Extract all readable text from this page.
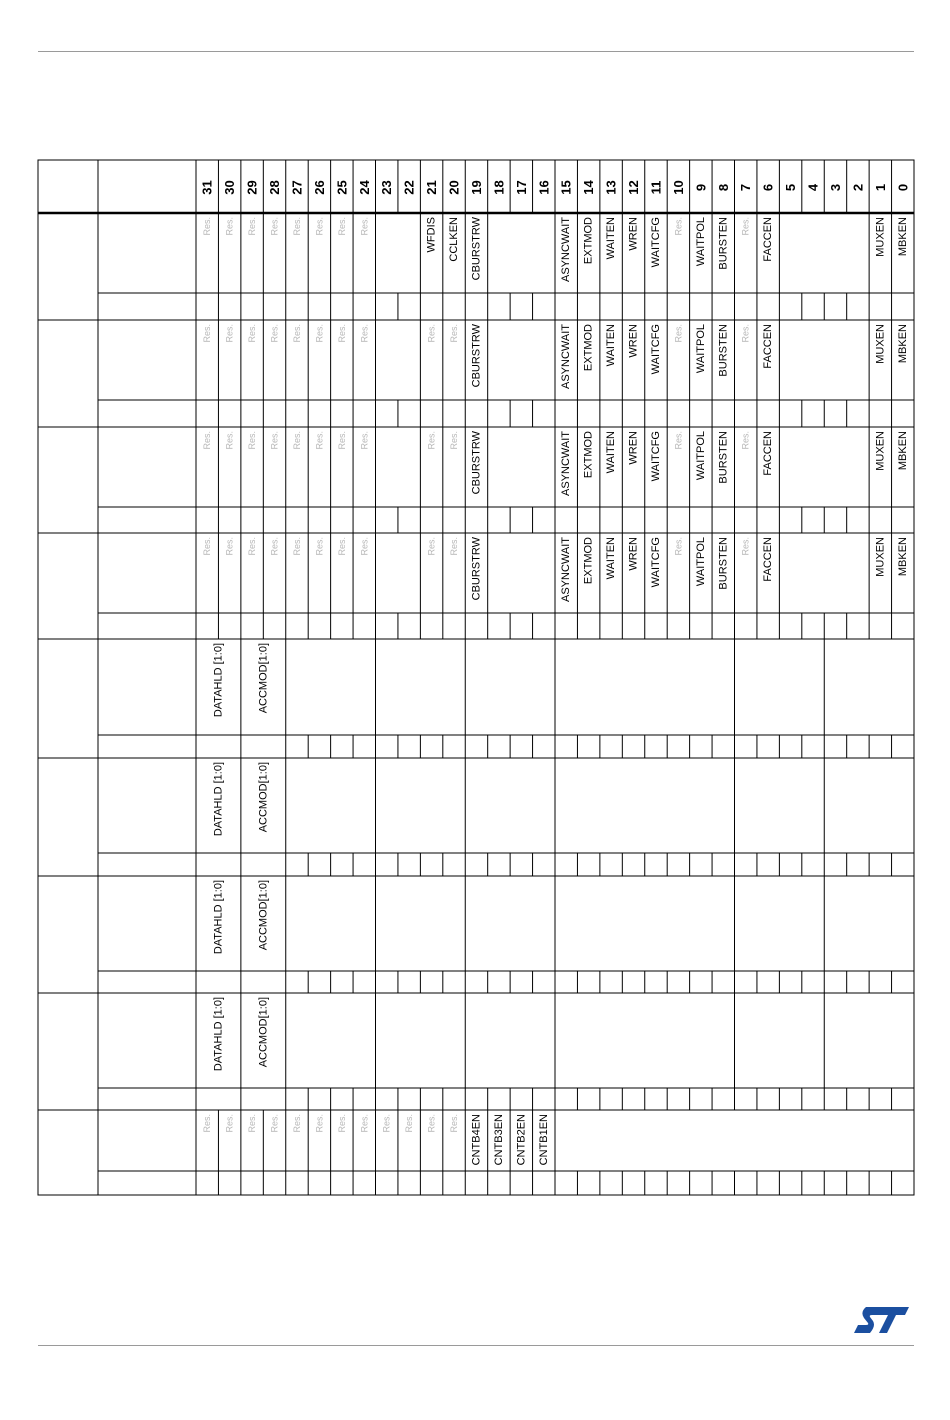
31 30 29 28 27 26 25 24 23 22 21 20 19 18 17 16 15 14 13 12 11 10 9 8 7 6 5 4 3 2 1 0
Res. Res. Res. Res. Res. Res. Res. Res.	WFDIS CCLKEN CBURSTRW	ASYNCWAIT EXTMOD WAITEN WREN WAITCFG Res. WAITPOL BURSTEN Res. FACCEN	MUXEN MBKEN
Res. Res. Res. Res. Res. Res. Res. Res.	Res. Res. CBURSTRW	ASYNCWAIT EXTMOD WAITEN WREN WAITCFG Res. WAITPOL BURSTEN Res. FACCEN	MUXEN MBKEN
Res. Res. Res. Res. Res. Res. Res. Res.	Res. Res. CBURSTRW	ASYNCWAIT EXTMOD WAITEN WREN WAITCFG Res. WAITPOL BURSTEN Res. FACCEN	MUXEN MBKEN
Res. Res. Res. Res. Res. Res. Res. Res.	Res. Res. CBURSTRW	ASYNCWAIT EXTMOD WAITEN WREN WAITCFG Res. WAITPOL BURSTEN Res. FACCEN	MUXEN MBKEN
DATAHLD [1:0]	ACCMOD[1:0]
DATAHLD [1:0]	ACCMOD[1:0]
DATAHLD [1:0]	ACCMOD[1:0]
DATAHLD [1:0]	ACCMOD[1:0]
Res. Res. Res. Res. Res. Res. Res. Res. Res. Res. Res. Res. CNTB4EN CNTB3EN CNTB2EN CNTB1EN
